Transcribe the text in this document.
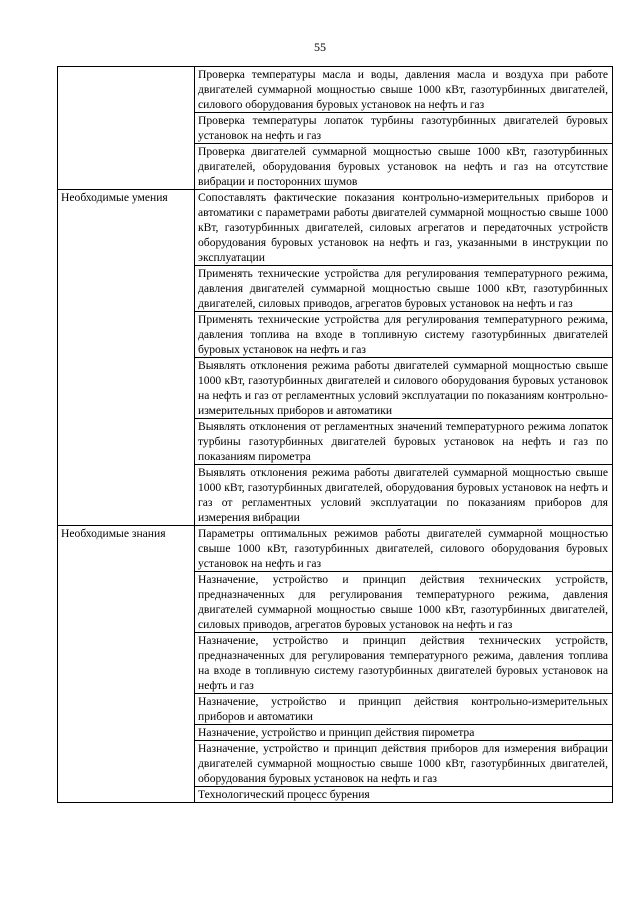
55
	Проверка температуры масла и воды, давления масла и воздуха при работе двигателей суммарной мощностью свыше 1000 кВт, газотурбинных двигателей, силового оборудования буровых установок на нефть и газ
	Проверка температуры лопаток турбины газотурбинных двигателей буровых установок на нефть и газ
	Проверка двигателей суммарной мощностью свыше 1000 кВт, газотурбинных двигателей, оборудования буровых установок на нефть и газ на отсутствие вибрации и посторонних шумов
Необходимые умения	Сопоставлять фактические показания контрольно-измерительных приборов и автоматики с параметрами работы двигателей суммарной мощностью свыше 1000 кВт, газотурбинных двигателей, силовых агрегатов и передаточных устройств оборудования буровых установок на нефть и газ, указанными в инструкции по эксплуатации
	Применять технические устройства для регулирования температурного режима, давления двигателей суммарной мощностью свыше 1000 кВт, газотурбинных двигателей, силовых приводов, агрегатов буровых установок на нефть и газ
	Применять технические устройства для регулирования температурного режима, давления топлива на входе в топливную систему газотурбинных двигателей буровых установок на нефть и газ
	Выявлять отклонения режима работы двигателей суммарной мощностью свыше 1000 кВт, газотурбинных двигателей и силового оборудования буровых установок на нефть и газ от регламентных условий эксплуатации по показаниям контрольно-измерительных приборов и автоматики
	Выявлять отклонения от регламентных значений температурного режима лопаток турбины газотурбинных двигателей буровых установок на нефть и газ по показаниям пирометра
	Выявлять отклонения режима работы двигателей суммарной мощностью свыше 1000 кВт, газотурбинных двигателей, оборудования буровых установок на нефть и газ от регламентных условий эксплуатации по показаниям приборов для измерения вибрации
Необходимые знания	Параметры оптимальных режимов работы двигателей суммарной мощностью свыше 1000 кВт, газотурбинных двигателей, силового оборудования буровых установок на нефть и газ
	Назначение, устройство и принцип действия технических устройств, предназначенных для регулирования температурного режима, давления двигателей суммарной мощностью свыше 1000 кВт, газотурбинных двигателей, силовых приводов, агрегатов буровых установок на нефть и газ
	Назначение, устройство и принцип действия технических устройств, предназначенных для регулирования температурного режима, давления топлива на входе в топливную систему газотурбинных двигателей буровых установок на нефть и газ
	Назначение, устройство и принцип действия контрольно-измерительных приборов и автоматики
	Назначение, устройство и принцип действия пирометра
	Назначение, устройство и принцип действия приборов для измерения вибрации двигателей суммарной мощностью свыше 1000 кВт, газотурбинных двигателей, оборудования буровых установок на нефть и газ
	Технологический процесс бурения
